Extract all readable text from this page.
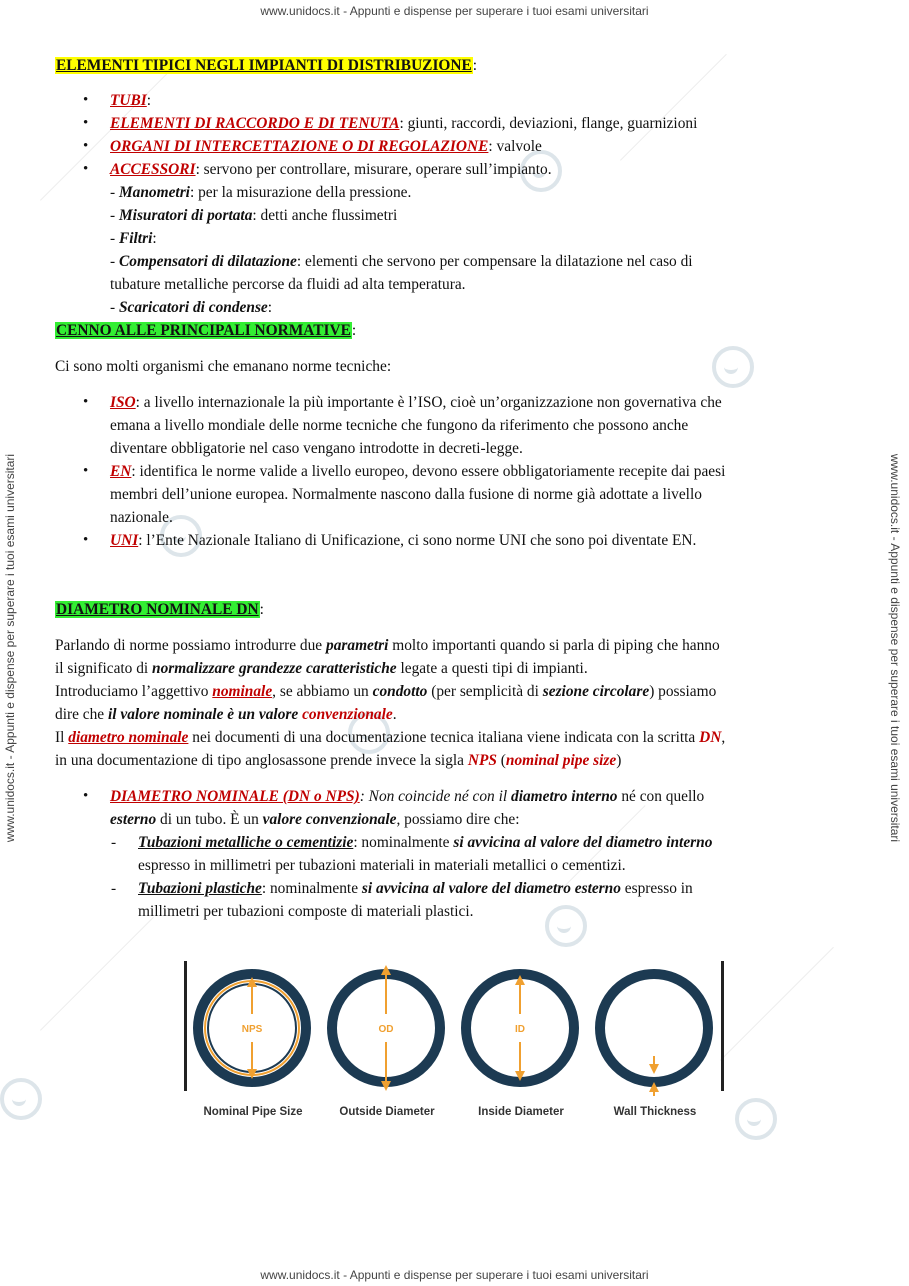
www.unidocs.it - Appunti e dispense per superare i tuoi esami universitari
www.unidocs.it - Appunti e dispense per superare i tuoi esami universitari
www.unidocs.it - Appunti e dispense per superare i tuoi esami universitari	www.unidocs.it - Appunti e dispense per superare i tuoi esami universitari

ELEMENTI TIPICI NEGLI IMPIANTI DI DISTRIBUZIONE:

• TUBI:
• ELEMENTI DI RACCORDO E DI TENUTA: giunti, raccordi, deviazioni, flange, guarnizioni
• ORGANI DI INTERCETTAZIONE O DI REGOLAZIONE: valvole
• ACCESSORI: servono per controllare, misurare, operare sull’impianto.

- Manometri: per la misurazione della pressione.

- Misuratori di portata: detti anche flussimetri

- Filtri:

- Compensatori di dilatazione: elementi che servono per compensare la dilatazione nel caso di

tubature metalliche percorse da fluidi ad alta temperatura.

- Scaricatori di condense:

CENNO ALLE PRINCIPALI NORMATIVE:

Ci sono molti organismi che emanano norme tecniche:

• ISO: a livello internazionale la più importante è l’ISO, cioè un’organizzazione non governativa che
emana a livello mondiale delle norme tecniche che fungono da riferimento che possono anche
diventare obbligatorie nel caso vengano introdotte in decreti-legge.
• EN: identifica le norme valide a livello europeo, devono essere obbligatoriamente recepite dai paesi
membri dell’unione europea. Normalmente nascono dalla fusione di norme già adottate a livello
nazionale.
• UNI: l’Ente Nazionale Italiano di Unificazione, ci sono norme UNI che sono poi diventate EN.

DIAMETRO NOMINALE DN:

Parlando di norme possiamo introdurre due parametri molto importanti quando si parla di piping che hanno
il significato di normalizzare grandezze caratteristiche legate a questi tipi di impianti.
Introduciamo l’aggettivo nominale, se abbiamo un condotto (per semplicità di sezione circolare) possiamo
dire che il valore nominale è un valore convenzionale.
Il diametro nominale nei documenti di una documentazione tecnica italiana viene indicata con la scritta DN,
in una documentazione di tipo anglosassone prende invece la sigla NPS (nominal pipe size)

• DIAMETRO NOMINALE (DN o NPS): Non coincide né con il diametro interno né con quello
esterno di un tubo. È un valore convenzionale, possiamo dire che:

- Tubazioni metalliche o cementizie: nominalmente si avvicina al valore del diametro interno
espresso in millimetri per tubazioni materiali in materiali metallici o cementizi.

- Tubazioni plastiche: nominalmente si avvicina al valore del diametro esterno espresso in
millimetri per tubazioni composte di materiali plastici.

NPS	OD	ID
Nominal Pipe Size	Outside Diameter	Inside Diameter	Wall Thickness
